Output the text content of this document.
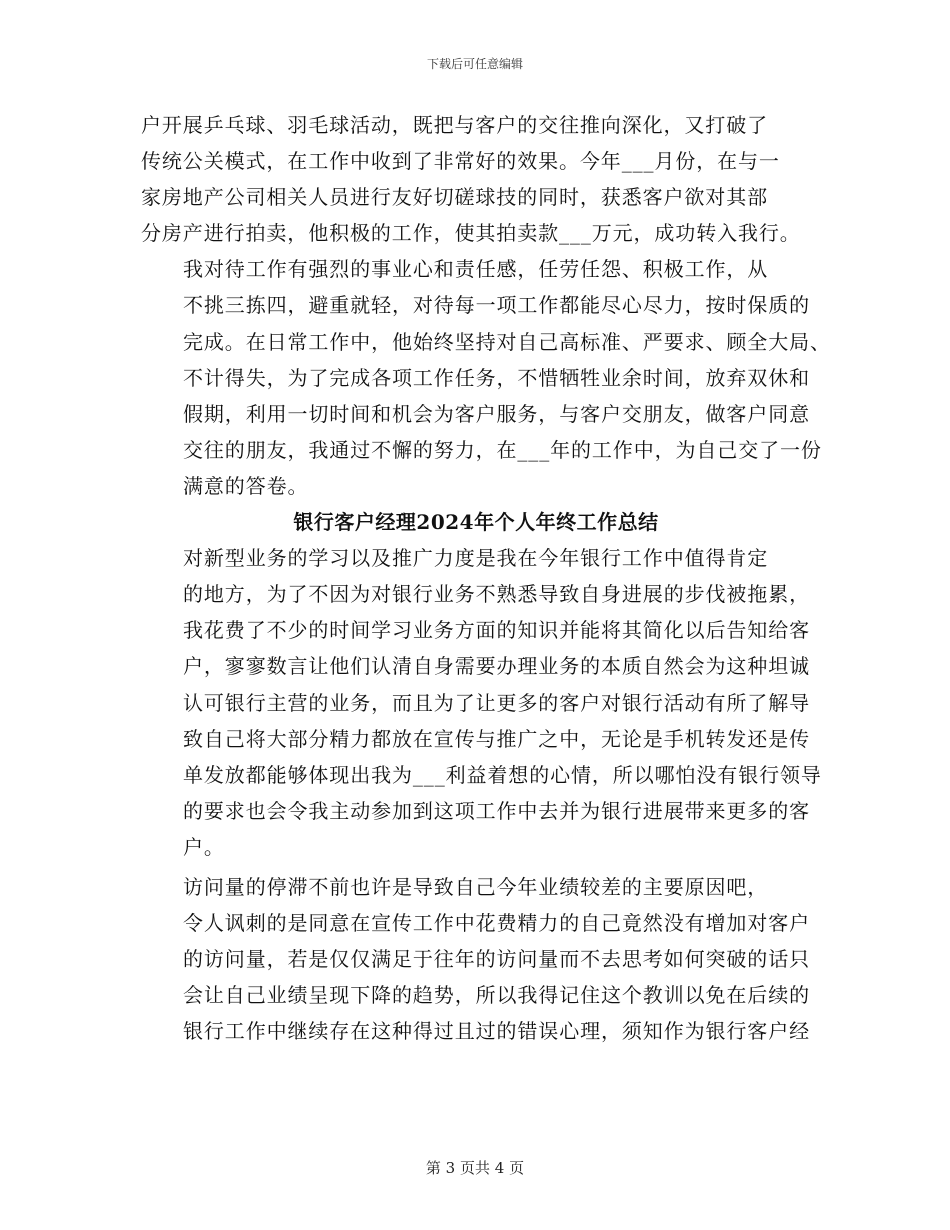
下载后可任意编辑

户开展乒乓球、羽毛球活动，既把与客户的交往推向深化，又打破了
传统公关模式，在工作中收到了非常好的效果。今年___月份，在与一
家房地产公司相关人员进行友好切磋球技的同时，获悉客户欲对其部
分房产进行拍卖，他积极的工作，使其拍卖款___万元，成功转入我行。

我对待工作有强烈的事业心和责任感，任劳任怨、积极工作，从
不挑三拣四，避重就轻，对待每一项工作都能尽心尽力，按时保质的
完成。在日常工作中，他始终坚持对自己高标准、严要求、顾全大局、
不计得失，为了完成各项工作任务，不惜牺牲业余时间，放弃双休和
假期，利用一切时间和机会为客户服务，与客户交朋友，做客户同意
交往的朋友，我通过不懈的努力，在___年的工作中，为自己交了一份
满意的答卷。

银行客户经理2024年个人年终工作总结

对新型业务的学习以及推广力度是我在今年银行工作中值得肯定
的地方，为了不因为对银行业务不熟悉导致自身进展的步伐被拖累，
我花费了不少的时间学习业务方面的知识并能将其简化以后告知给客
户，寥寥数言让他们认清自身需要办理业务的本质自然会为这种坦诚
认可银行主营的业务，而且为了让更多的客户对银行活动有所了解导
致自己将大部分精力都放在宣传与推广之中，无论是手机转发还是传
单发放都能够体现出我为___利益着想的心情，所以哪怕没有银行领导
的要求也会令我主动参加到这项工作中去并为银行进展带来更多的客
户。

访问量的停滞不前也许是导致自己今年业绩较差的主要原因吧，
令人讽刺的是同意在宣传工作中花费精力的自己竟然没有增加对客户
的访问量，若是仅仅满足于往年的访问量而不去思考如何突破的话只
会让自己业绩呈现下降的趋势，所以我得记住这个教训以免在后续的
银行工作中继续存在这种得过且过的错误心理，须知作为银行客户经

第 3 页共 4 页
